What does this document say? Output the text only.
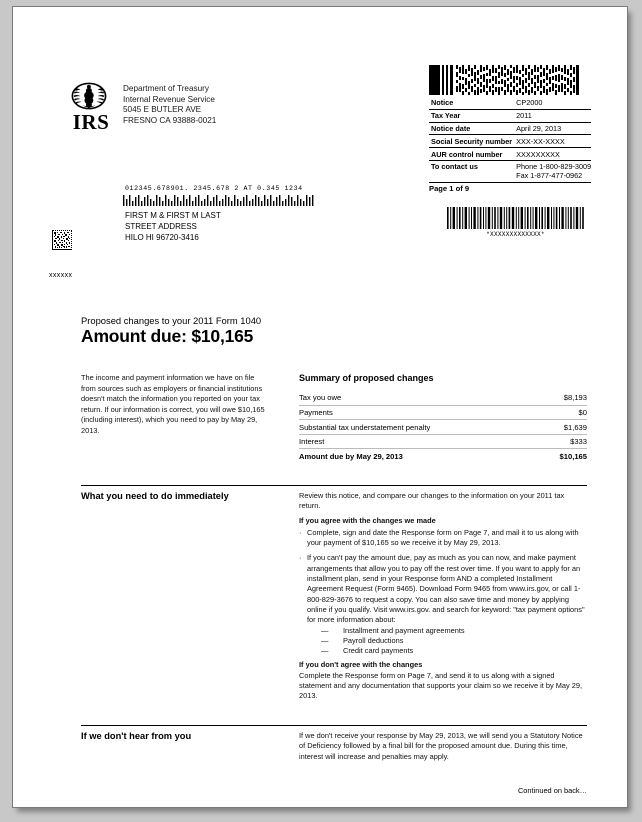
IRS
Department of Treasury
Internal Revenue Service
5045 E BUTLER AVE
FRESNO CA 93888-0021
Notice	CP2000
Tax Year	2011
Notice date	April 29, 2013
Social Security number	XXX-XX-XXXX
AUR control number	XXXXXXXXX
To contact us	Phone 1-800-829-3009
Fax 1-877-477-0962
Page 1 of 9
012345.678901. 2345.678 2 AT 0.345 1234
FIRST M & FIRST M LAST
STREET ADDRESS
HILO HI 96720-3416
xxxxxx
*XXXXXXXXXXXXX*
Proposed changes to your 2011 Form 1040
Amount due: $10,165
The income and payment information we have on file from sources such as employers or financial institutions doesn't match the information you reported on your tax return. If our information is correct, you will owe $10,165 (including interest), which you need to pay by May 29, 2013.
Summary of proposed changes
Tax you owe	$8,193
Payments	$0
Substantial tax understatement penalty	$1,639
Interest	$333
Amount due by May 29, 2013	$10,165
What you need to do immediately	Review this notice, and compare our changes to the information on your 2011 tax return.

If you agree with the changes we made

· Complete, sign and date the Response form on Page 7, and mail it to us along with your payment of $10,165 so we receive it by May 29, 2013.
· If you can't pay the amount due, pay as much as you can now, and make payment arrangements that allow you to pay off the rest over time. If you want to apply for an installment plan, send in your Response form AND a completed Installment Agreement Request (Form 9465). Download Form 9465 from www.irs.gov, or call 1-800-829-3676 to request a copy. You can also save time and money by applying online if you qualify. Visit www.irs.gov. and search for keyword: "tax payment options" for more information about:
—	Installment and payment agreements
—	Payroll deductions
—	Credit card payments

If you don't agree with the changes

Complete the Response form on Page 7, and send it to us along with a signed statement and any documentation that supports your claim so we receive it by May 29, 2013.

If we don't hear from you	If we don't receive your response by May 29, 2013, we will send you a Statutory Notice of Deficiency followed by a final bill for the proposed amount due. During this time, interest will increase and penalties may apply.

Continued on back…
